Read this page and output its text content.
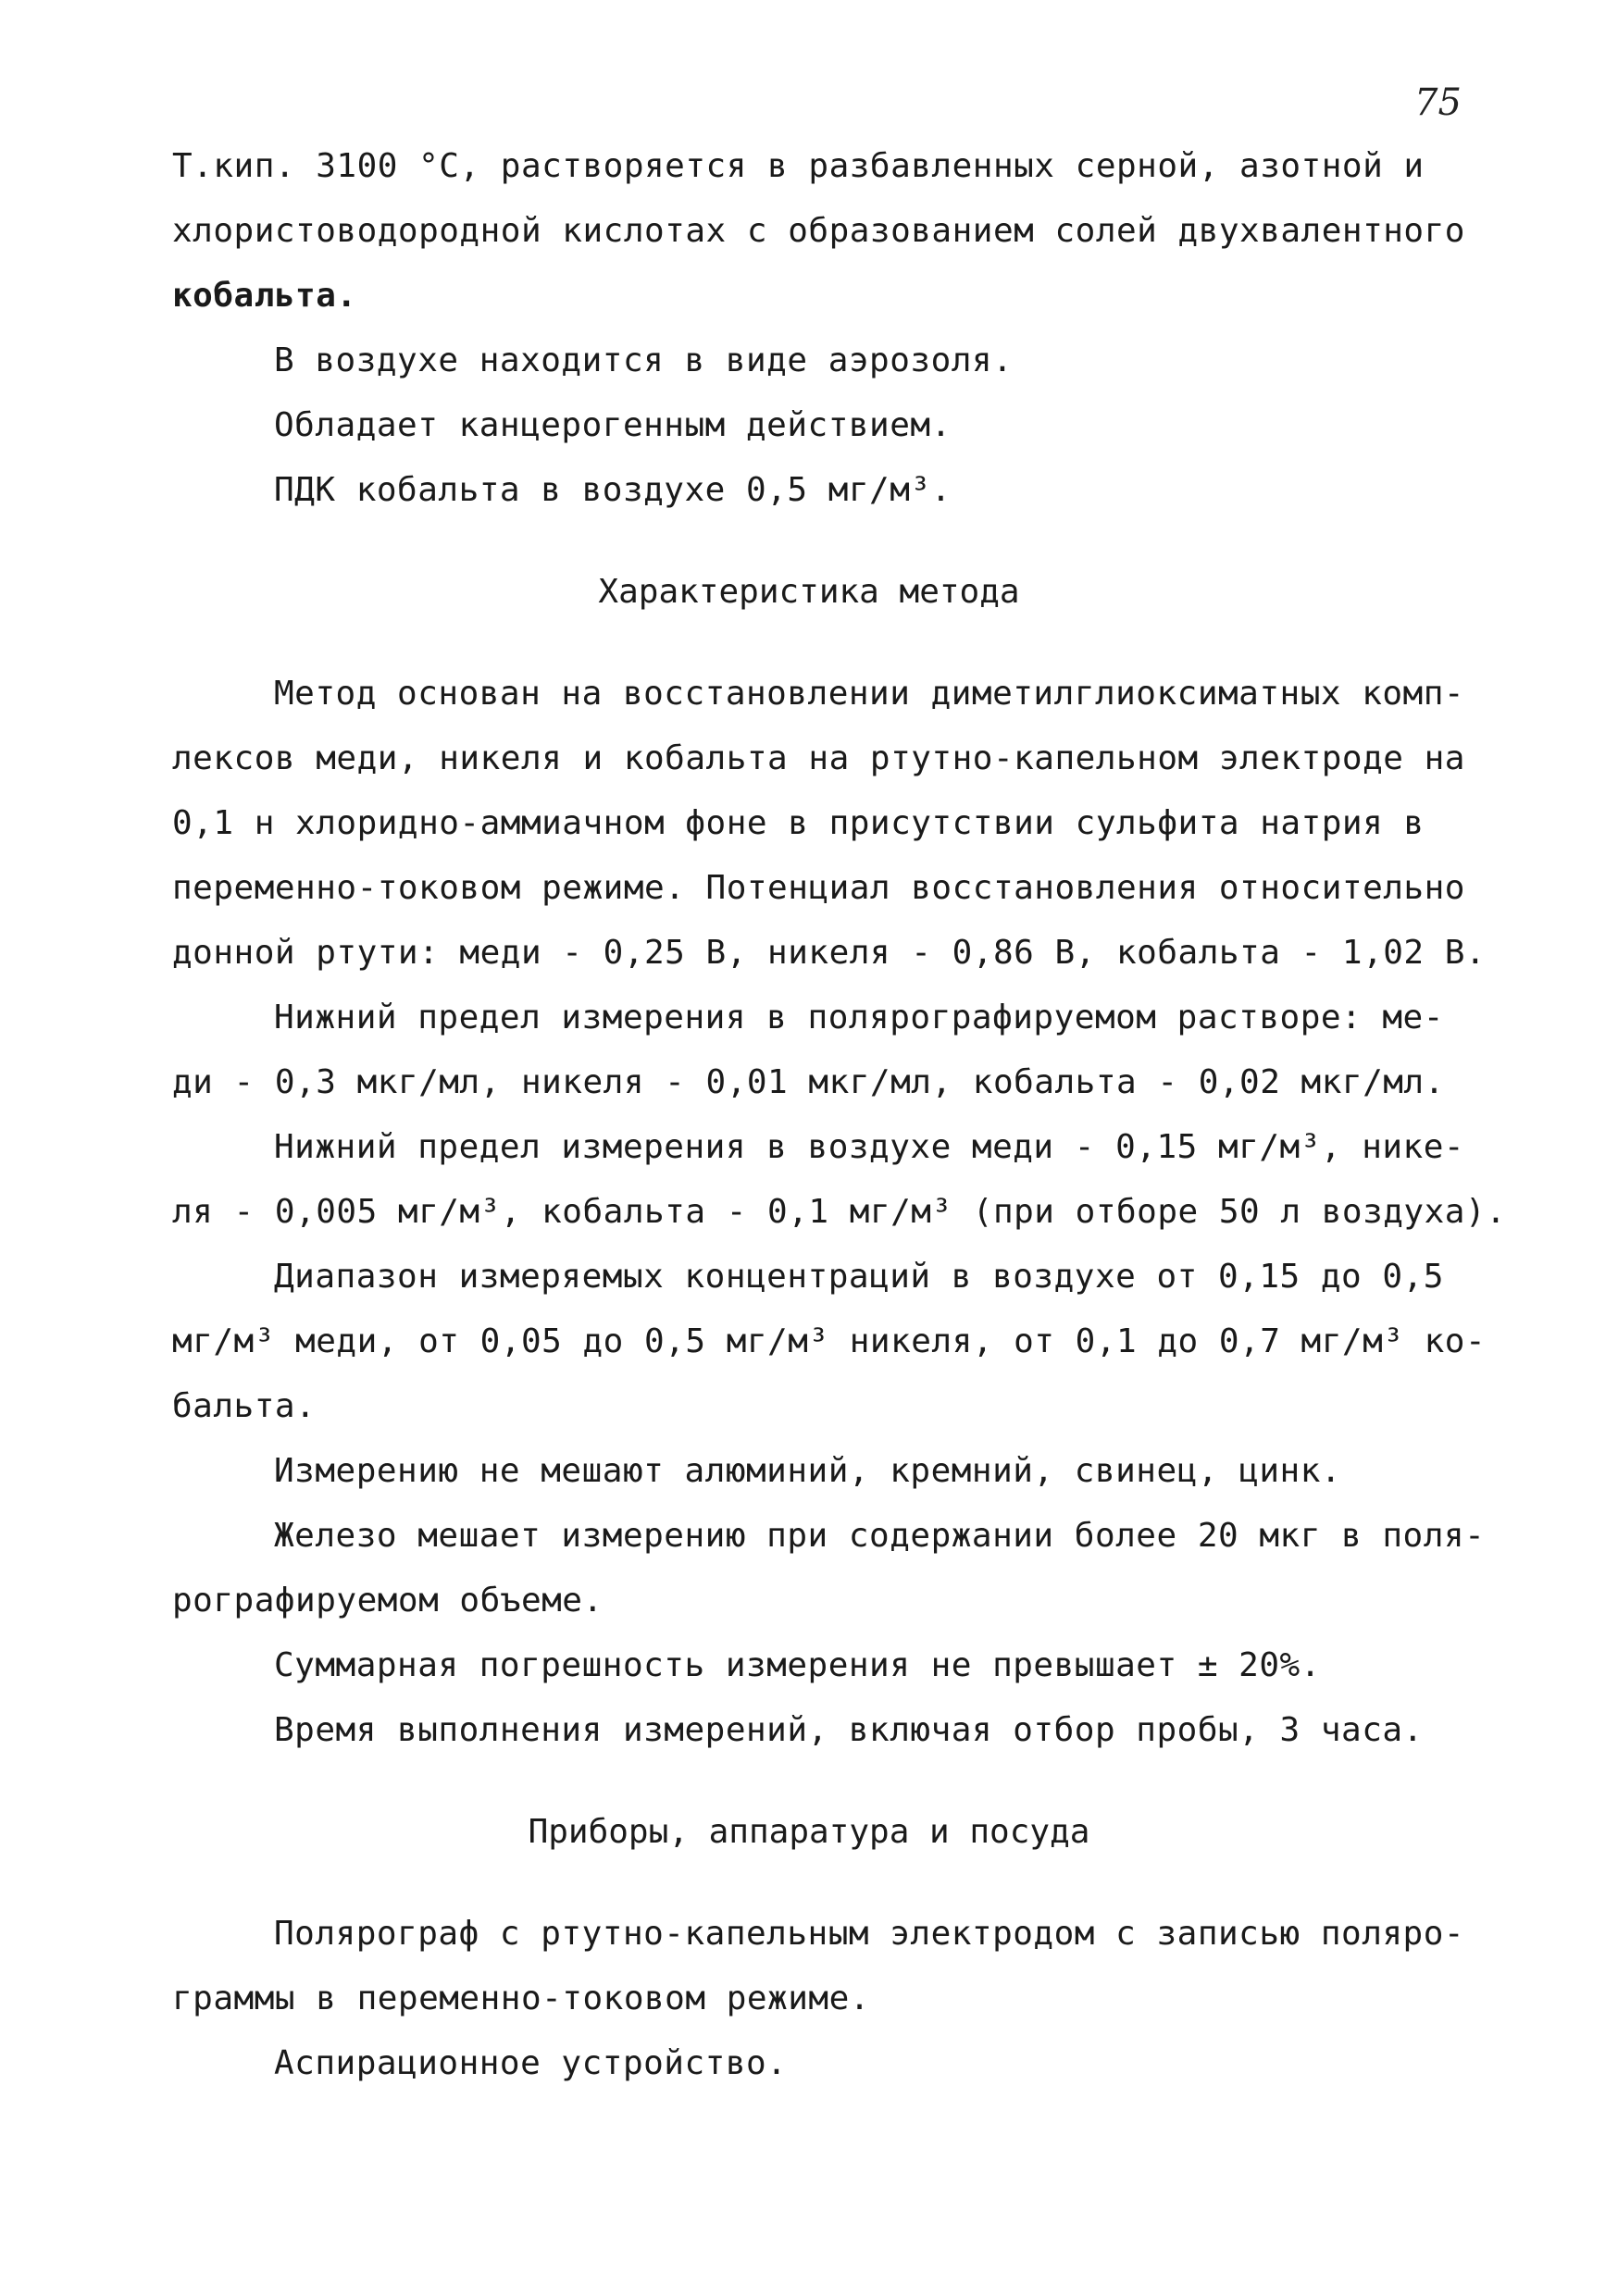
75
Т.кип. 3100 °С, растворяется в разбавленных серной, азотной и
хлористоводородной кислотах с образованием солей двухвалентного
кобальта.
В воздухе находится в виде аэрозоля.
Обладает канцерогенным действием.
ПДК кобальта в воздухе 0,5 мг/м³.
Характеристика метода
Метод основан на восстановлении диметилглиоксиматных комп-
лексов меди, никеля и кобальта на ртутно-капельном электроде на
0,1 н хлоридно-аммиачном фоне в присутствии сульфита натрия в
переменно-токовом режиме. Потенциал восстановления относительно
донной ртути: меди - 0,25 В, никеля - 0,86 В, кобальта - 1,02 В.
Нижний предел измерения в полярографируемом растворе: ме-
ди - 0,3 мкг/мл, никеля - 0,01 мкг/мл, кобальта - 0,02 мкг/мл.
Нижний предел измерения в воздухе меди - 0,15 мг/м³, нике-
ля - 0,005 мг/м³, кобальта - 0,1 мг/м³ (при отборе 50 л воздуха).
Диапазон измеряемых концентраций в воздухе от 0,15 до 0,5
мг/м³ меди, от 0,05 до 0,5 мг/м³ никеля, от 0,1 до 0,7 мг/м³ ко-
бальта.
Измерению не мешают алюминий, кремний, свинец, цинк.
Железо мешает измерению при содержании более 20 мкг в поля-
рографируемом объеме.
Суммарная погрешность измерения не превышает ± 20%.
Время выполнения измерений, включая отбор пробы, 3 часа.
Приборы, аппаратура и посуда
Полярограф с ртутно-капельным электродом с записью поляро-
граммы в переменно-токовом режиме.
Аспирационное устройство.
